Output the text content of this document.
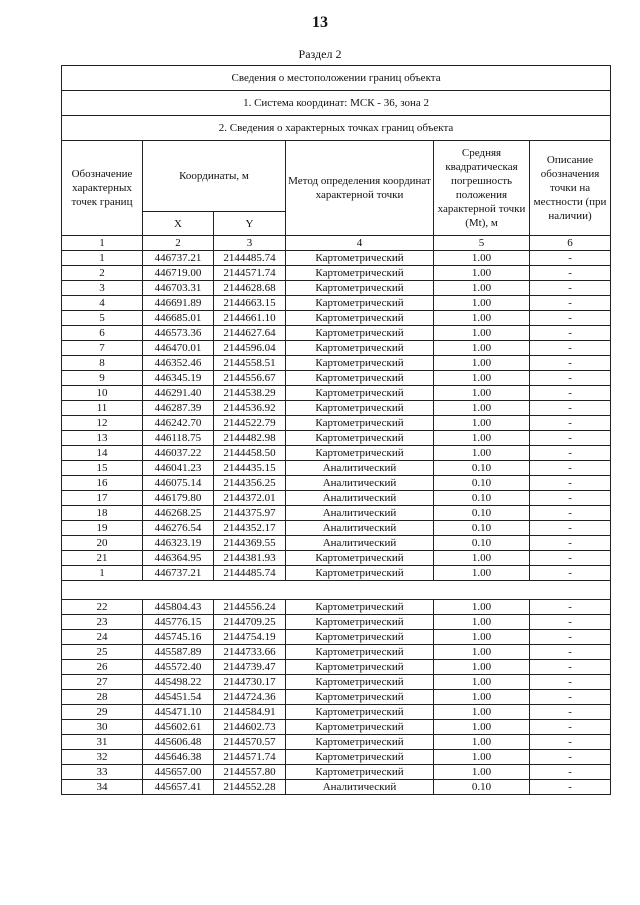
13
Раздел 2
Сведения о местоположении границ объекта					
1. Система координат: МСК - 36, зона 2					
2. Сведения о характерных точках границ объекта					
Обозначение характерных точек границ	Координаты, м		Метод определения координат характерной точки	Средняя квадратическая погрешность положения характерной точки (Mt), м	Описание обозначения точки на местности (при наличии)
	X	Y			
1	2	3	4	5	6
1	446737.21	2144485.74	Картометрический	1.00	-
2	446719.00	2144571.74	Картометрический	1.00	-
3	446703.31	2144628.68	Картометрический	1.00	-
4	446691.89	2144663.15	Картометрический	1.00	-
5	446685.01	2144661.10	Картометрический	1.00	-
6	446573.36	2144627.64	Картометрический	1.00	-
7	446470.01	2144596.04	Картометрический	1.00	-
8	446352.46	2144558.51	Картометрический	1.00	-
9	446345.19	2144556.67	Картометрический	1.00	-
10	446291.40	2144538.29	Картометрический	1.00	-
11	446287.39	2144536.92	Картометрический	1.00	-
12	446242.70	2144522.79	Картометрический	1.00	-
13	446118.75	2144482.98	Картометрический	1.00	-
14	446037.22	2144458.50	Картометрический	1.00	-
15	446041.23	2144435.15	Аналитический	0.10	-
16	446075.14	2144356.25	Аналитический	0.10	-
17	446179.80	2144372.01	Аналитический	0.10	-
18	446268.25	2144375.97	Аналитический	0.10	-
19	446276.54	2144352.17	Аналитический	0.10	-
20	446323.19	2144369.55	Аналитический	0.10	-
21	446364.95	2144381.93	Картометрический	1.00	-
1	446737.21	2144485.74	Картометрический	1.00	-

22	445804.43	2144556.24	Картометрический	1.00	-
23	445776.15	2144709.25	Картометрический	1.00	-
24	445745.16	2144754.19	Картометрический	1.00	-
25	445587.89	2144733.66	Картометрический	1.00	-
26	445572.40	2144739.47	Картометрический	1.00	-
27	445498.22	2144730.17	Картометрический	1.00	-
28	445451.54	2144724.36	Картометрический	1.00	-
29	445471.10	2144584.91	Картометрический	1.00	-
30	445602.61	2144602.73	Картометрический	1.00	-
31	445606.48	2144570.57	Картометрический	1.00	-
32	445646.38	2144571.74	Картометрический	1.00	-
33	445657.00	2144557.80	Картометрический	1.00	-
34	445657.41	2144552.28	Аналитический	0.10	-
